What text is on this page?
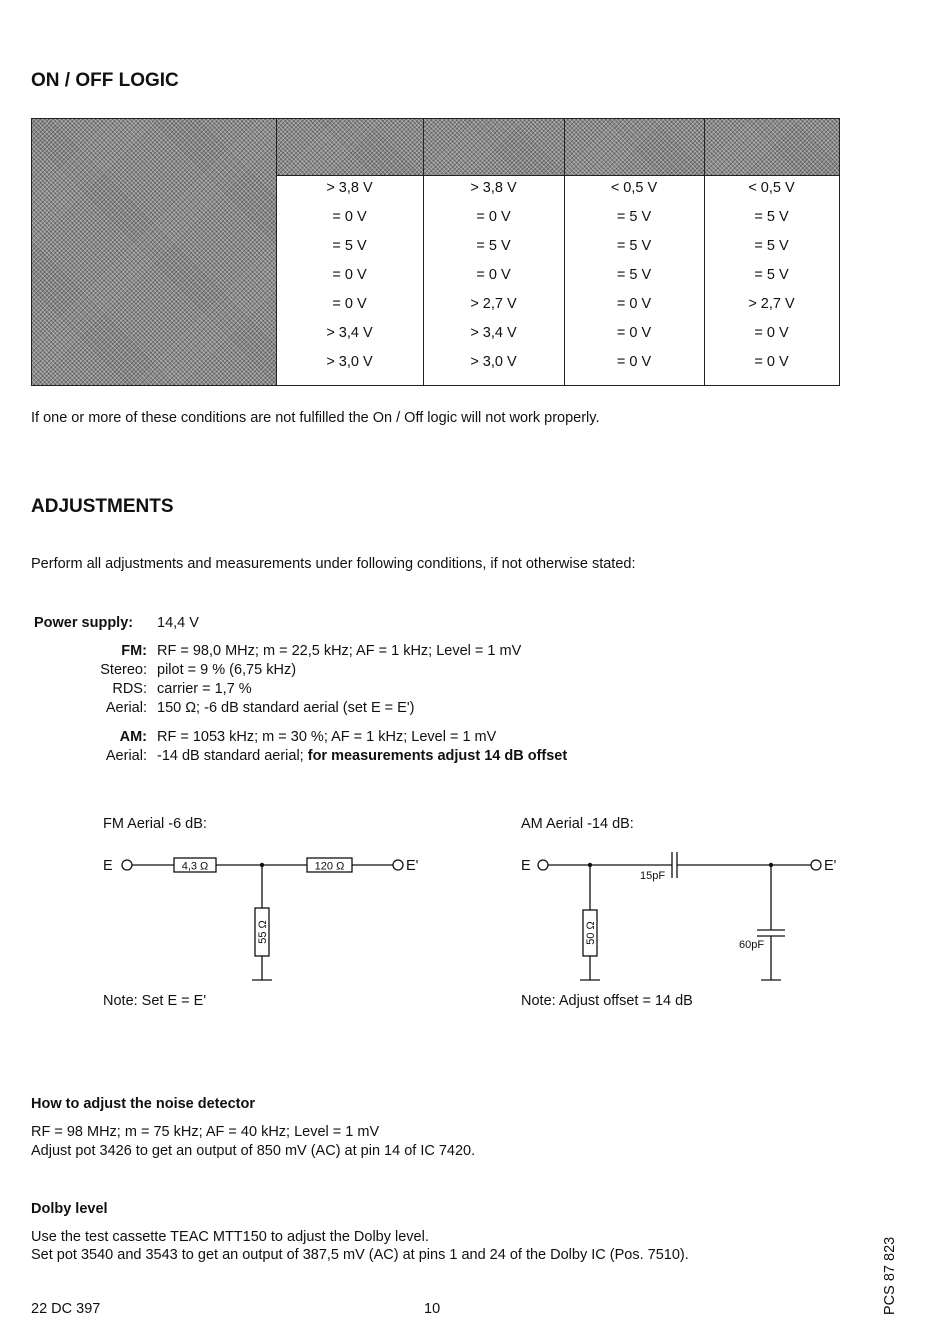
ON / OFF LOGIC
> 3,8 V	> 3,8 V	< 0,5 V	< 0,5 V
= 0 V	= 0 V	= 5 V	= 5 V
= 5 V	= 5 V	= 5 V	= 5 V
= 0 V	= 0 V	= 5 V	= 5 V
= 0 V	> 2,7 V	= 0 V	> 2,7 V
> 3,4 V	> 3,4 V	= 0 V	= 0 V
> 3,0 V	> 3,0 V	= 0 V	= 0 V
If one or more of these conditions are not fulfilled the On / Off logic will not work properly.
ADJUSTMENTS
Perform all adjustments and measurements under following conditions, if not otherwise stated:
Power supply: 14,4 V
FM: RF = 98,0 MHz; m = 22,5 kHz; AF = 1 kHz; Level = 1 mV
Stereo: pilot = 9 % (6,75 kHz)
RDS: carrier = 1,7 %
Aerial: 150 Ω; -6 dB standard aerial (set E = E')
AM: RF = 1053 kHz; m = 30 %; AF = 1 kHz; Level = 1 mV
Aerial: -14 dB standard aerial; for measurements adjust 14 dB offset
FM Aerial -6 dB:	AM Aerial -14 dB:
E	E'	E	E'
4,3 Ω	120 Ω
55 Ω	50 Ω
15pF
60pF
Note: Set E = E'	Note: Adjust offset = 14 dB
How to adjust the noise detector
RF = 98 MHz; m = 75 kHz; AF = 40 kHz; Level = 1 mV
Adjust pot 3426 to get an output of 850 mV (AC) at pin 14 of IC 7420.
Dolby level
Use the test cassette TEAC MTT150 to adjust the Dolby level.
Set pot 3540 and 3543 to get an output of 387,5 mV (AC) at pins 1 and 24 of the Dolby IC (Pos. 7510).
22 DC 397	10	PCS 87 823
